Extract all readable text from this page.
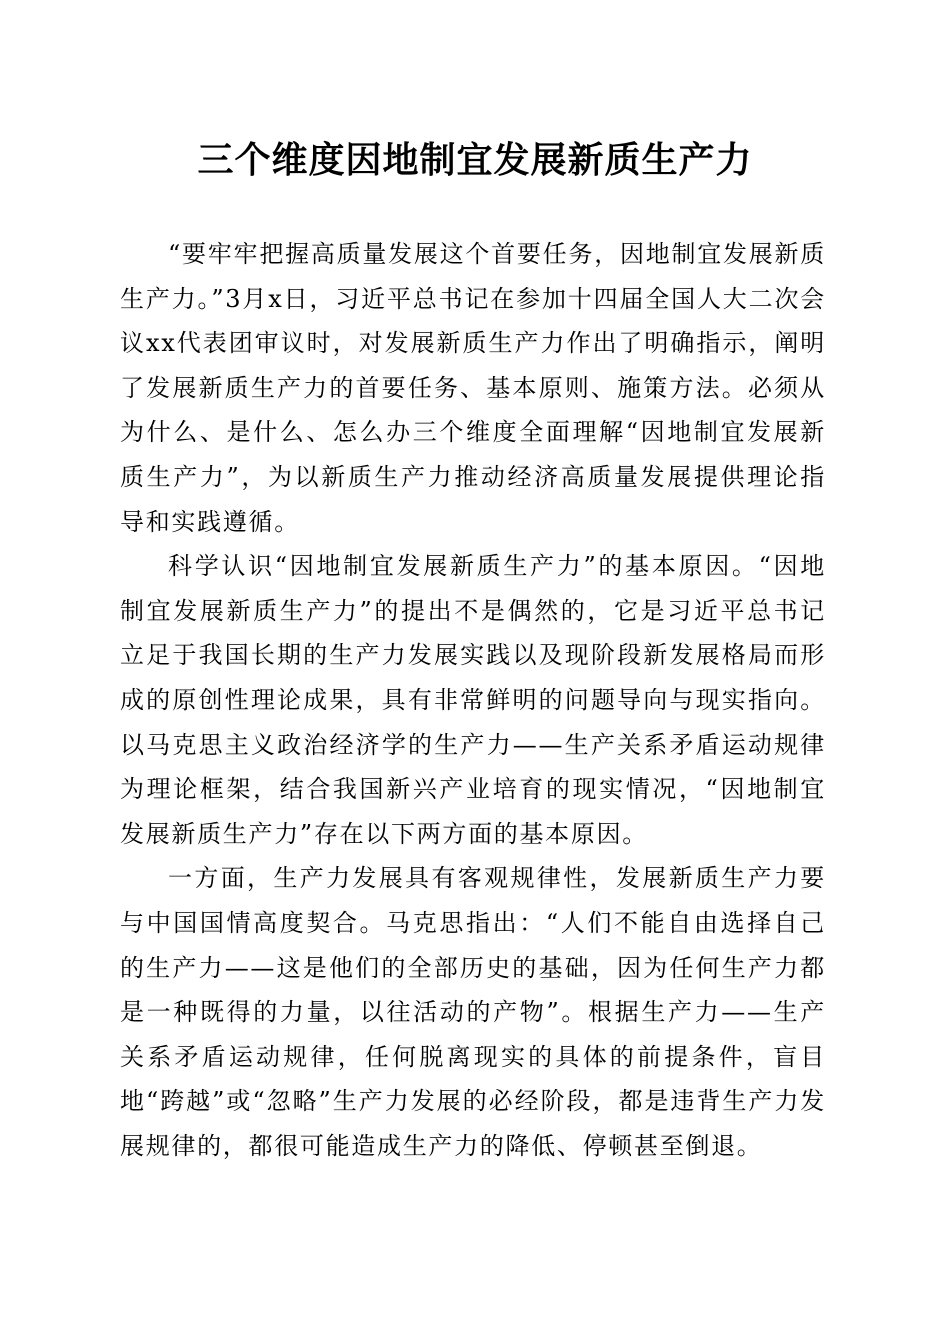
三个维度因地制宜发展新质生产力

“要牢牢把握高质量发展这个首要任务，因地制宜发展新质生产力。”3月x日，习近平总书记在参加十四届全国人大二次会议xx代表团审议时，对发展新质生产力作出了明确指示，阐明了发展新质生产力的首要任务、基本原则、施策方法。必须从为什么、是什么、怎么办三个维度全面理解“因地制宜发展新质生产力”，为以新质生产力推动经济高质量发展提供理论指导和实践遵循。

科学认识“因地制宜发展新质生产力”的基本原因。“因地制宜发展新质生产力”的提出不是偶然的，它是习近平总书记立足于我国长期的生产力发展实践以及现阶段新发展格局而形成的原创性理论成果，具有非常鲜明的问题导向与现实指向。以马克思主义政治经济学的生产力——生产关系矛盾运动规律为理论框架，结合我国新兴产业培育的现实情况，“因地制宜发展新质生产力”存在以下两方面的基本原因。

一方面，生产力发展具有客观规律性，发展新质生产力要与中国国情高度契合。马克思指出：“人们不能自由选择自己的生产力——这是他们的全部历史的基础，因为任何生产力都是一种既得的力量，以往活动的产物”。根据生产力——生产关系矛盾运动规律，任何脱离现实的具体的前提条件，盲目地“跨越”或“忽略”生产力发展的必经阶段，都是违背生产力发展规律的，都很可能造成生产力的降低、停顿甚至倒退。
